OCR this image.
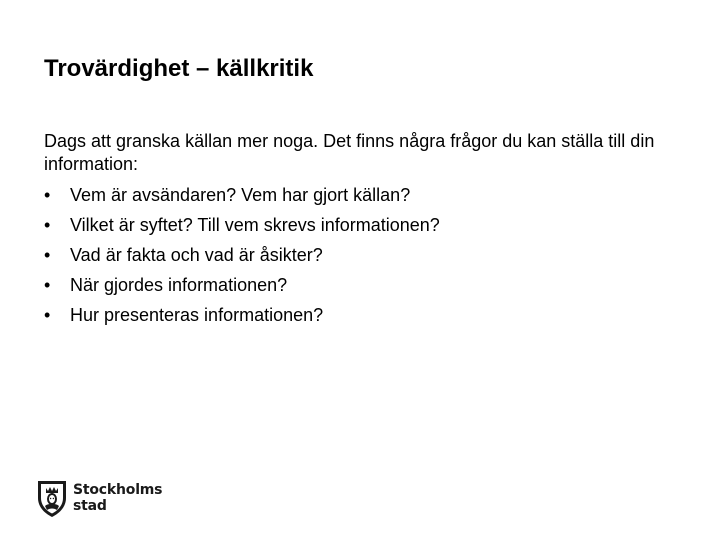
Trovärdighet – källkritik

Dags att granska källan mer noga. Det finns några frågor du kan ställa till din information:

•	Vem är avsändaren? Vem har gjort källan?
•	Vilket är syftet? Till vem skrevs informationen?
•	Vad är fakta och vad är åsikter?
•	När gjordes informationen?
•	Hur presenteras informationen?
Stockholms
stad
